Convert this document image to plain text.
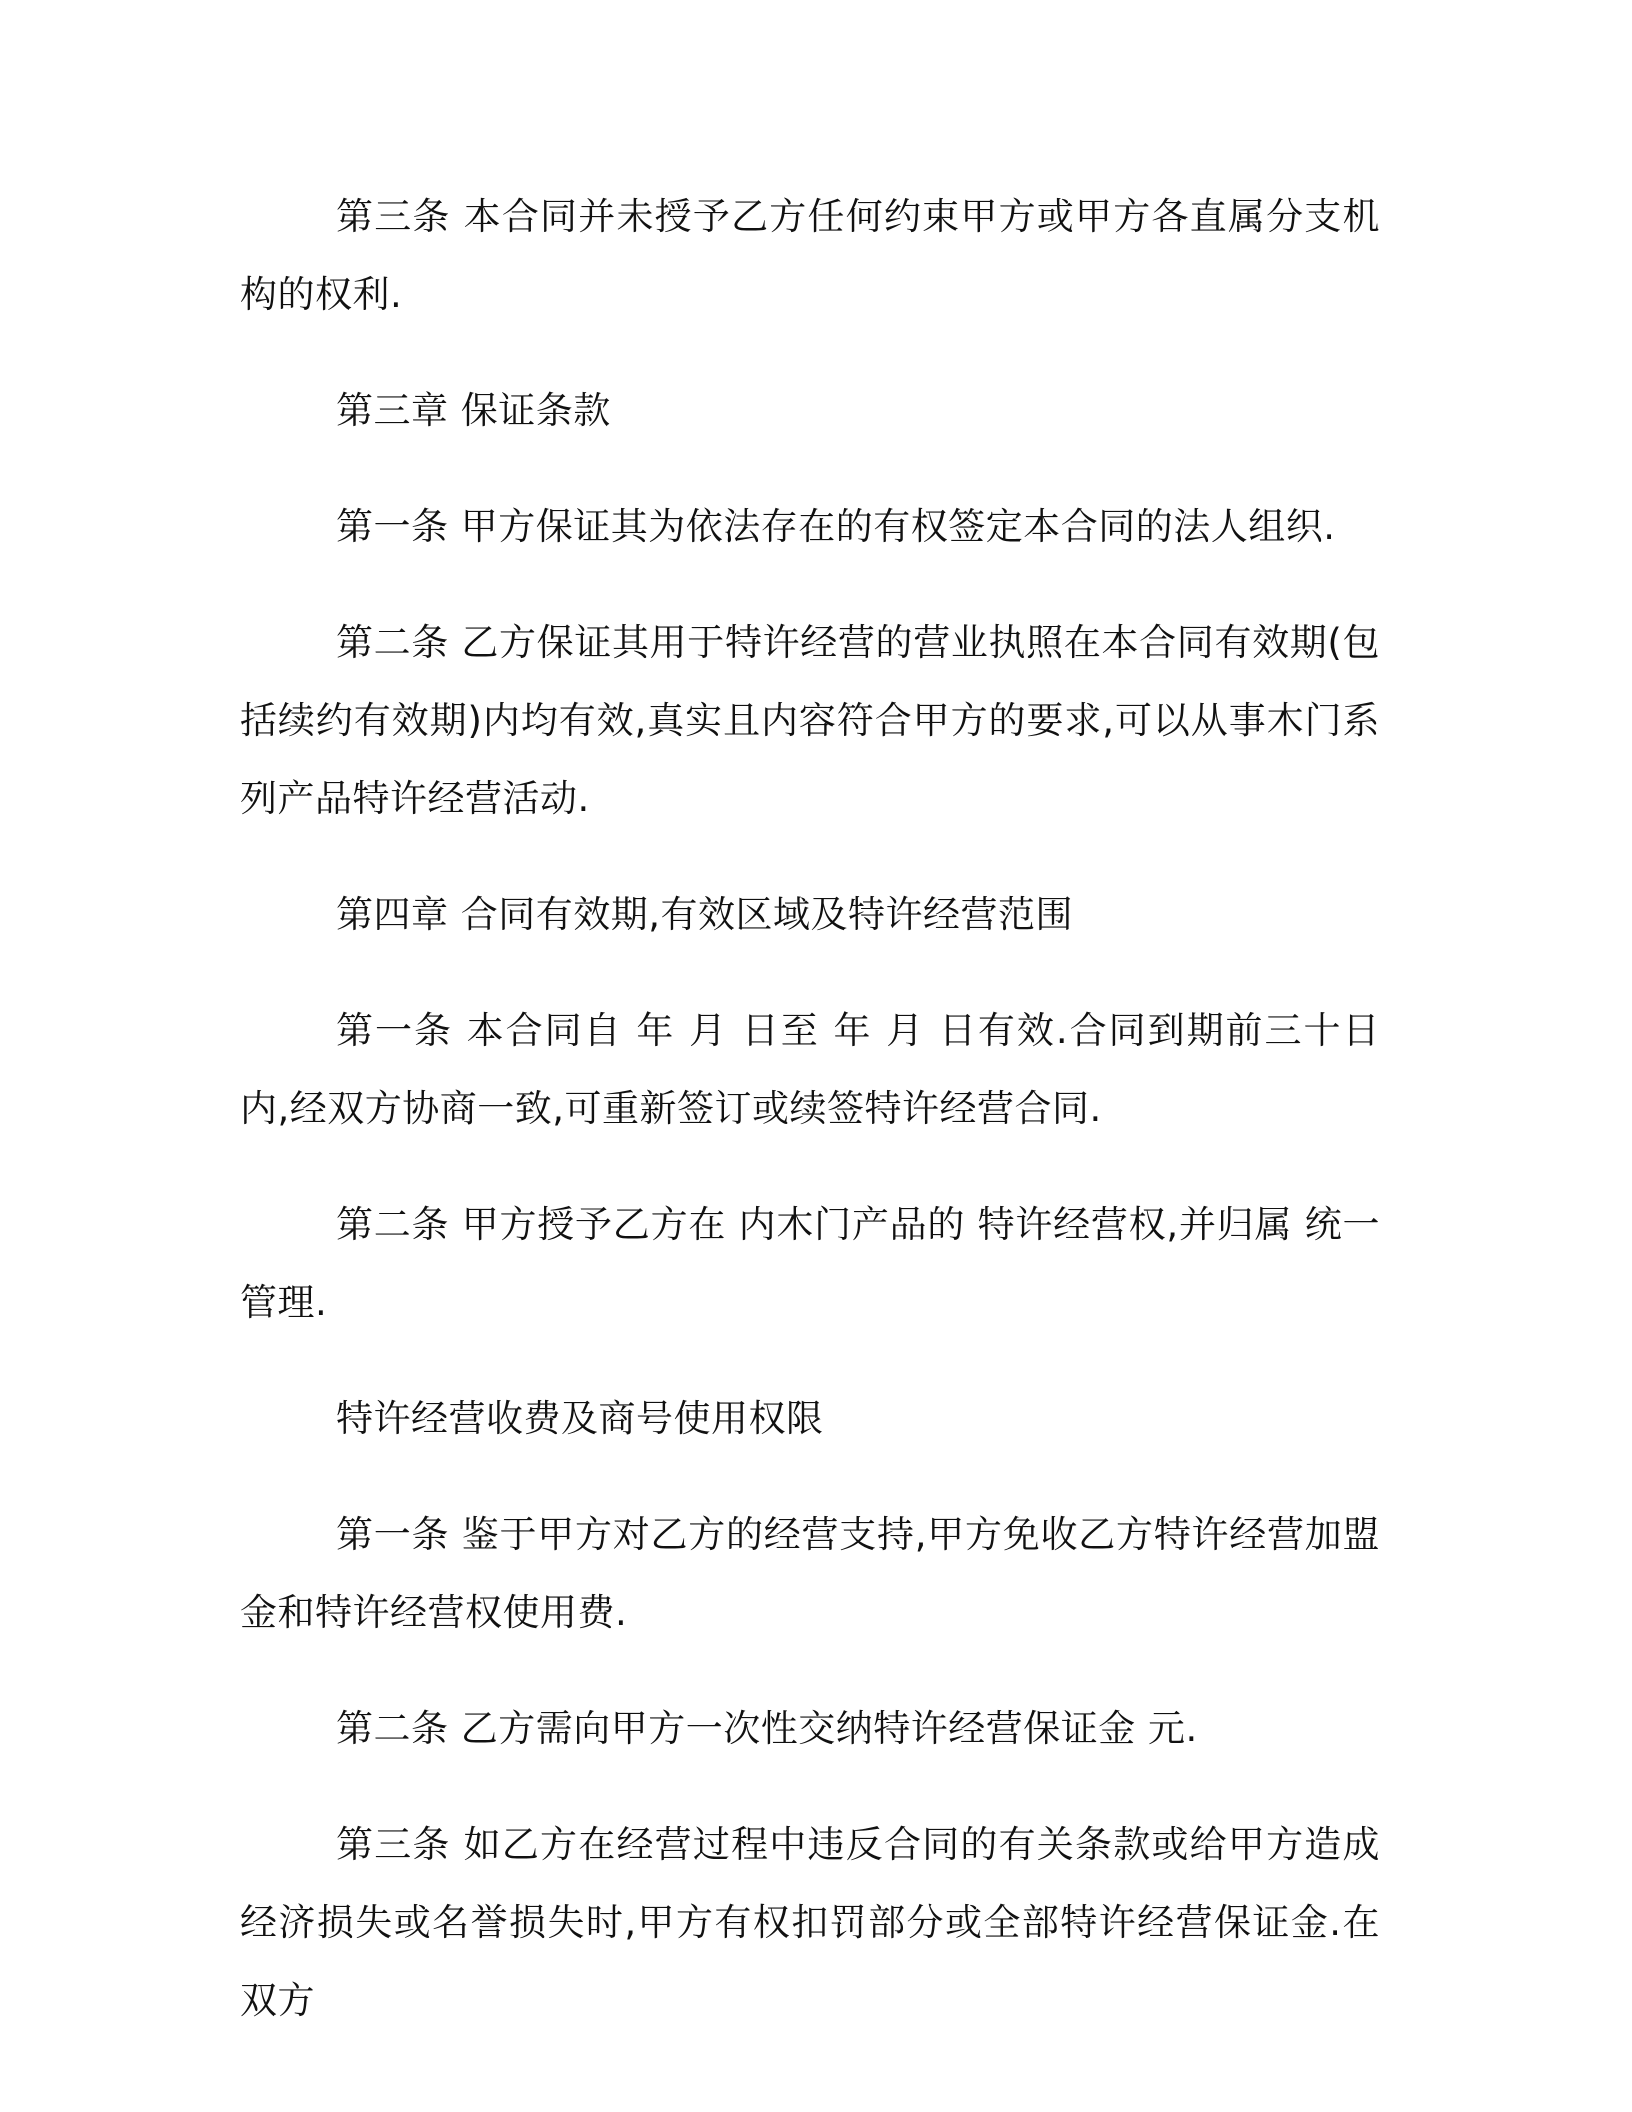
第三条 本合同并未授予乙方任何约束甲方或甲方各直属分支机构的权利.

第三章 保证条款

第一条 甲方保证其为依法存在的有权签定本合同的法人组织.

第二条 乙方保证其用于特许经营的营业执照在本合同有效期(包括续约有效期)内均有效,真实且内容符合甲方的要求,可以从事木门系列产品特许经营活动.

第四章 合同有效期,有效区域及特许经营范围

第一条 本合同自 年 月 日至 年 月 日有效.合同到期前三十日内,经双方协商一致,可重新签订或续签特许经营合同.

第二条 甲方授予乙方在 内木门产品的 特许经营权,并归属 统一管理.

特许经营收费及商号使用权限

第一条 鉴于甲方对乙方的经营支持,甲方免收乙方特许经营加盟金和特许经营权使用费.

第二条 乙方需向甲方一次性交纳特许经营保证金 元.

第三条 如乙方在经营过程中违反合同的有关条款或给甲方造成经济损失或名誉损失时,甲方有权扣罚部分或全部特许经营保证金.在双方
